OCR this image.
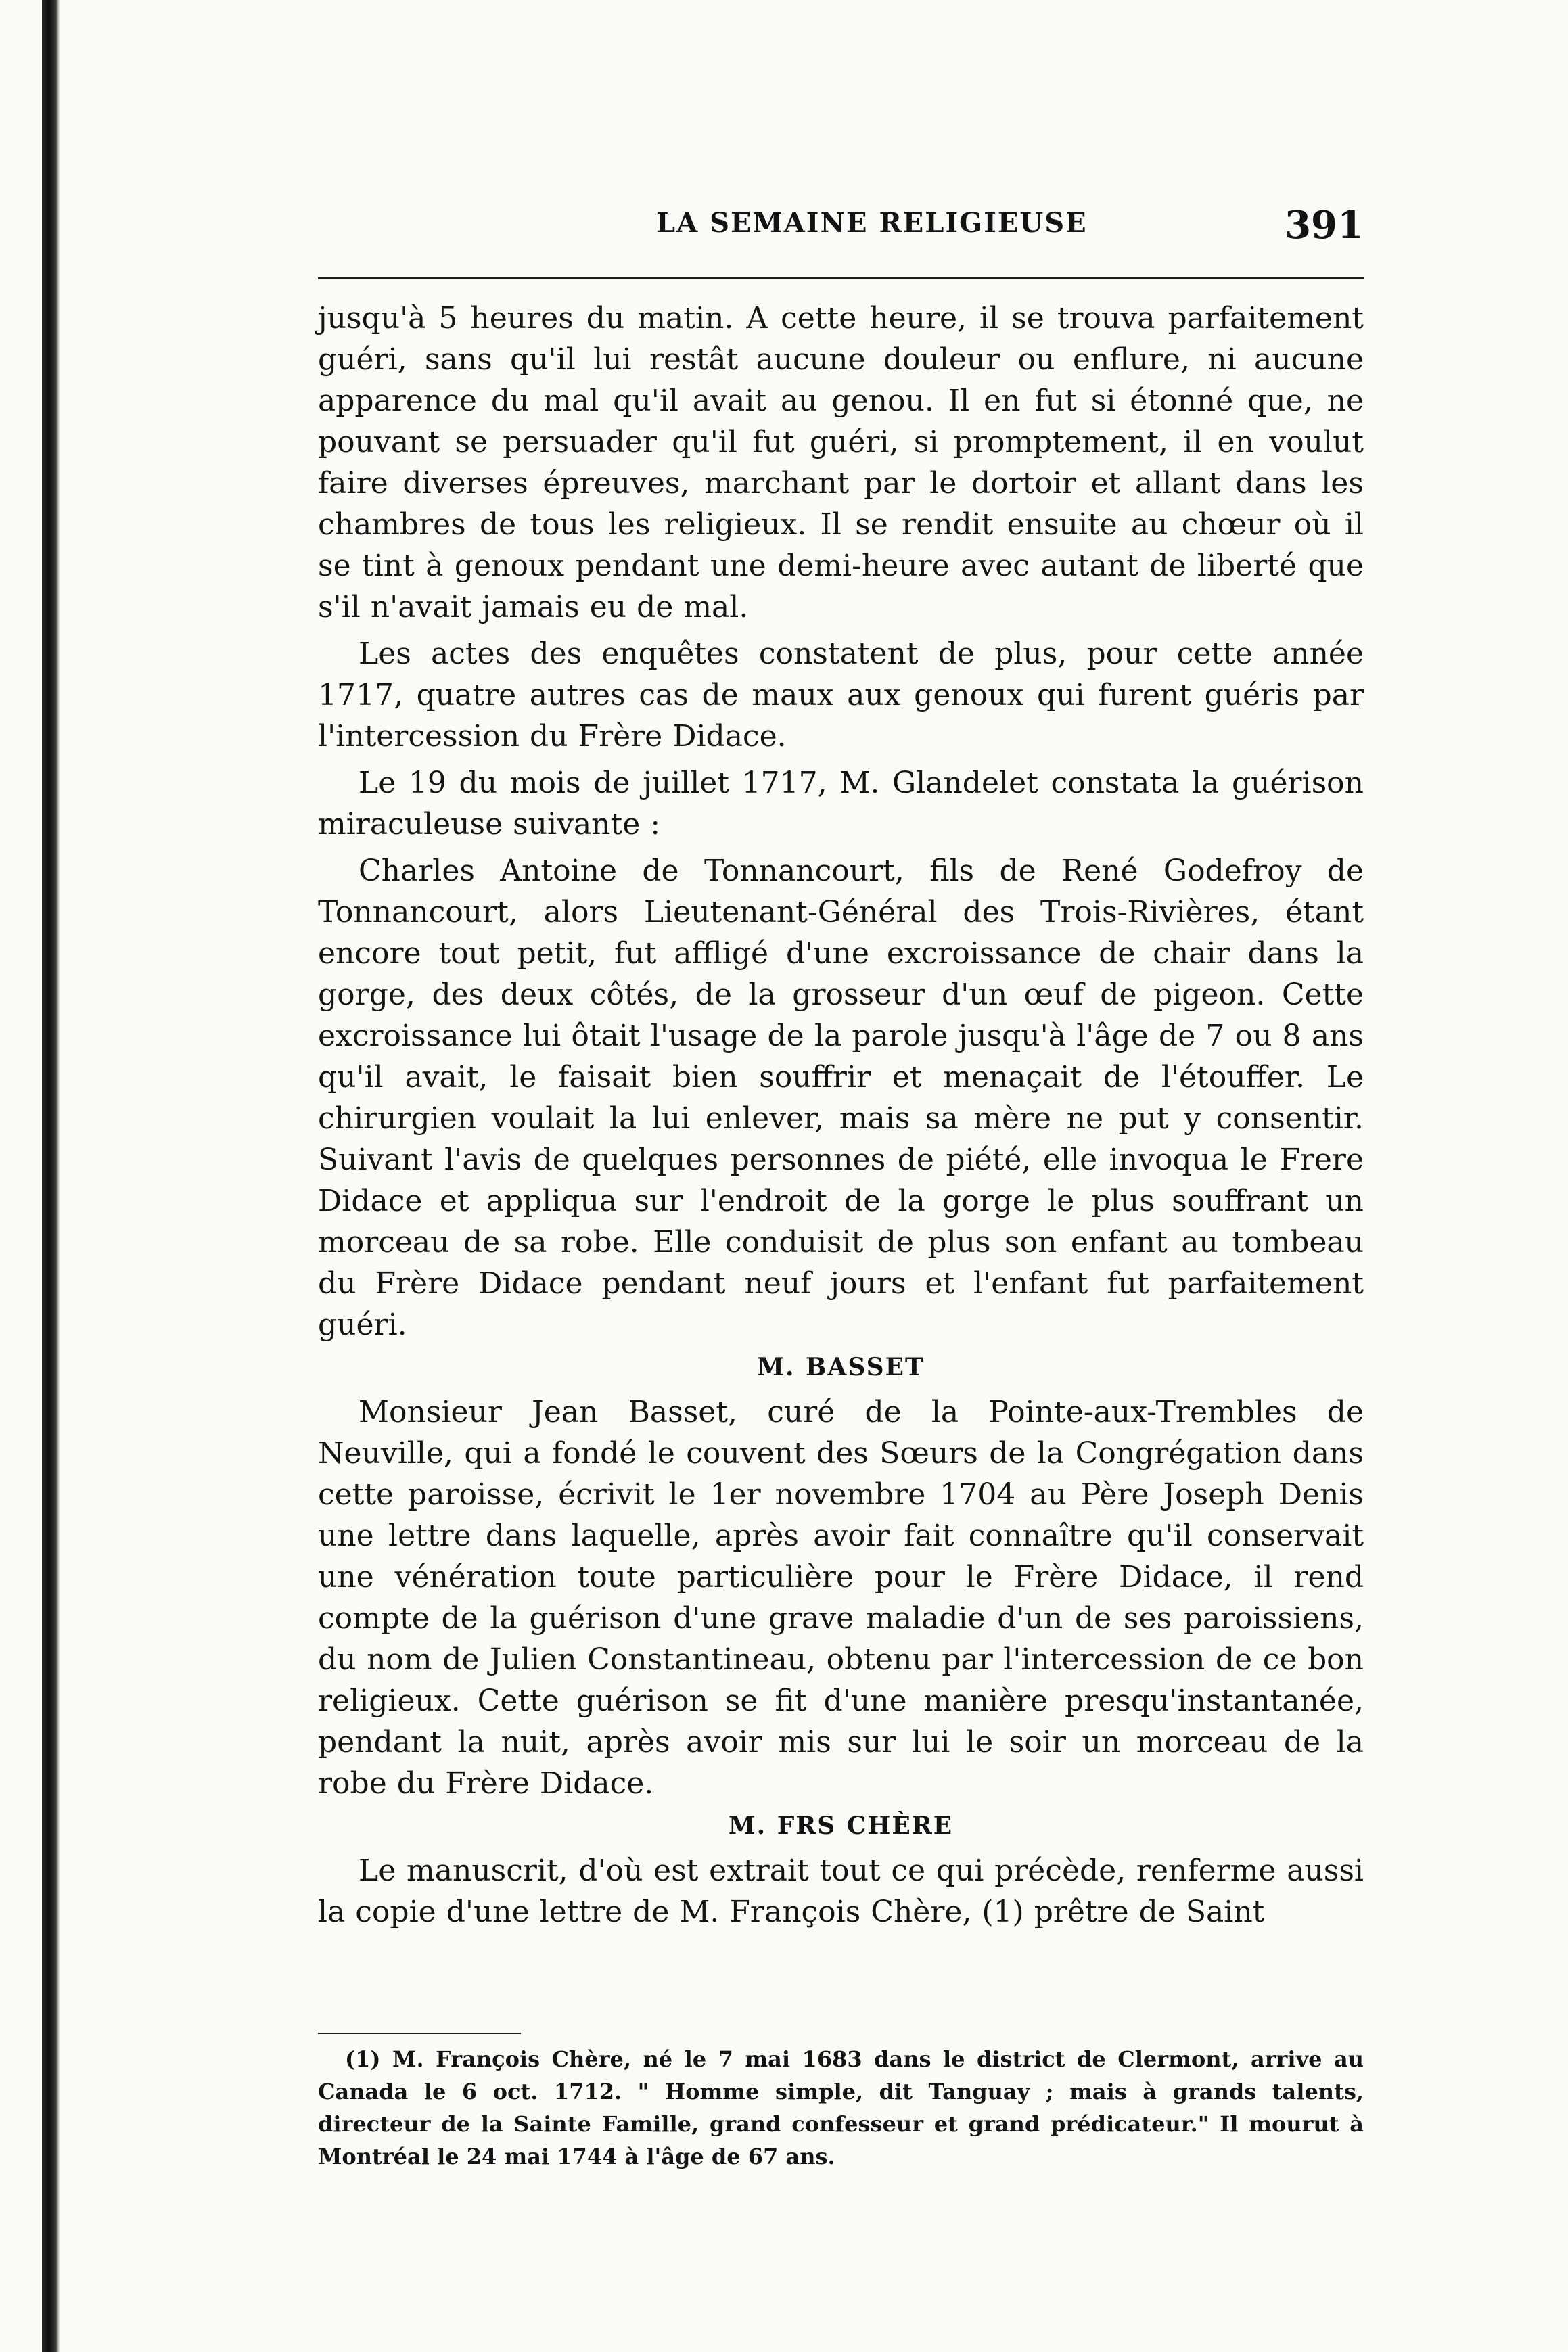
LA SEMAINE RELIGIEUSE	391

jusqu'à 5 heures du matin. A cette heure, il se trouva parfaitement guéri, sans qu'il lui restât aucune douleur ou enflure, ni aucune apparence du mal qu'il avait au genou. Il en fut si étonné que, ne pouvant se persuader qu'il fut guéri, si promptement, il en voulut faire diverses épreuves, marchant par le dortoir et allant dans les chambres de tous les religieux. Il se rendit ensuite au chœur où il se tint à genoux pendant une demi-heure avec autant de liberté que s'il n'avait jamais eu de mal.

Les actes des enquêtes constatent de plus, pour cette année 1717, quatre autres cas de maux aux genoux qui furent guéris par l'intercession du Frère Didace.

Le 19 du mois de juillet 1717, M. Glandelet constata la guérison miraculeuse suivante :

Charles Antoine de Tonnancourt, fils de René Godefroy de Tonnancourt, alors Lieutenant-Général des Trois-Rivières, étant encore tout petit, fut affligé d'une excroissance de chair dans la gorge, des deux côtés, de la grosseur d'un œuf de pigeon. Cette excroissance lui ôtait l'usage de la parole jusqu'à l'âge de 7 ou 8 ans qu'il avait, le faisait bien souffrir et menaçait de l'étouffer. Le chirurgien voulait la lui enlever, mais sa mère ne put y consentir. Suivant l'avis de quelques personnes de piété, elle invoqua le Frere Didace et appliqua sur l'endroit de la gorge le plus souffrant un morceau de sa robe. Elle conduisit de plus son enfant au tombeau du Frère Didace pendant neuf jours et l'enfant fut parfaitement guéri.

M. BASSET

Monsieur Jean Basset, curé de la Pointe-aux-Trembles de Neuville, qui a fondé le couvent des Sœurs de la Congrégation dans cette paroisse, écrivit le 1er novembre 1704 au Père Joseph Denis une lettre dans laquelle, après avoir fait connaître qu'il conservait une vénération toute particulière pour le Frère Didace, il rend compte de la guérison d'une grave maladie d'un de ses paroissiens, du nom de Julien Constantineau, obtenu par l'intercession de ce bon religieux. Cette guérison se fit d'une manière presqu'instantanée, pendant la nuit, après avoir mis sur lui le soir un morceau de la robe du Frère Didace.

M. FRS CHÈRE

Le manuscrit, d'où est extrait tout ce qui précède, renferme aussi la copie d'une lettre de M. François Chère, (1) prêtre de Saint

(1) M. François Chère, né le 7 mai 1683 dans le district de Clermont, arrive au Canada le 6 oct. 1712. " Homme simple, dit Tanguay ; mais à grands talents, directeur de la Sainte Famille, grand confesseur et grand prédicateur." Il mourut à Montréal le 24 mai 1744 à l'âge de 67 ans.
